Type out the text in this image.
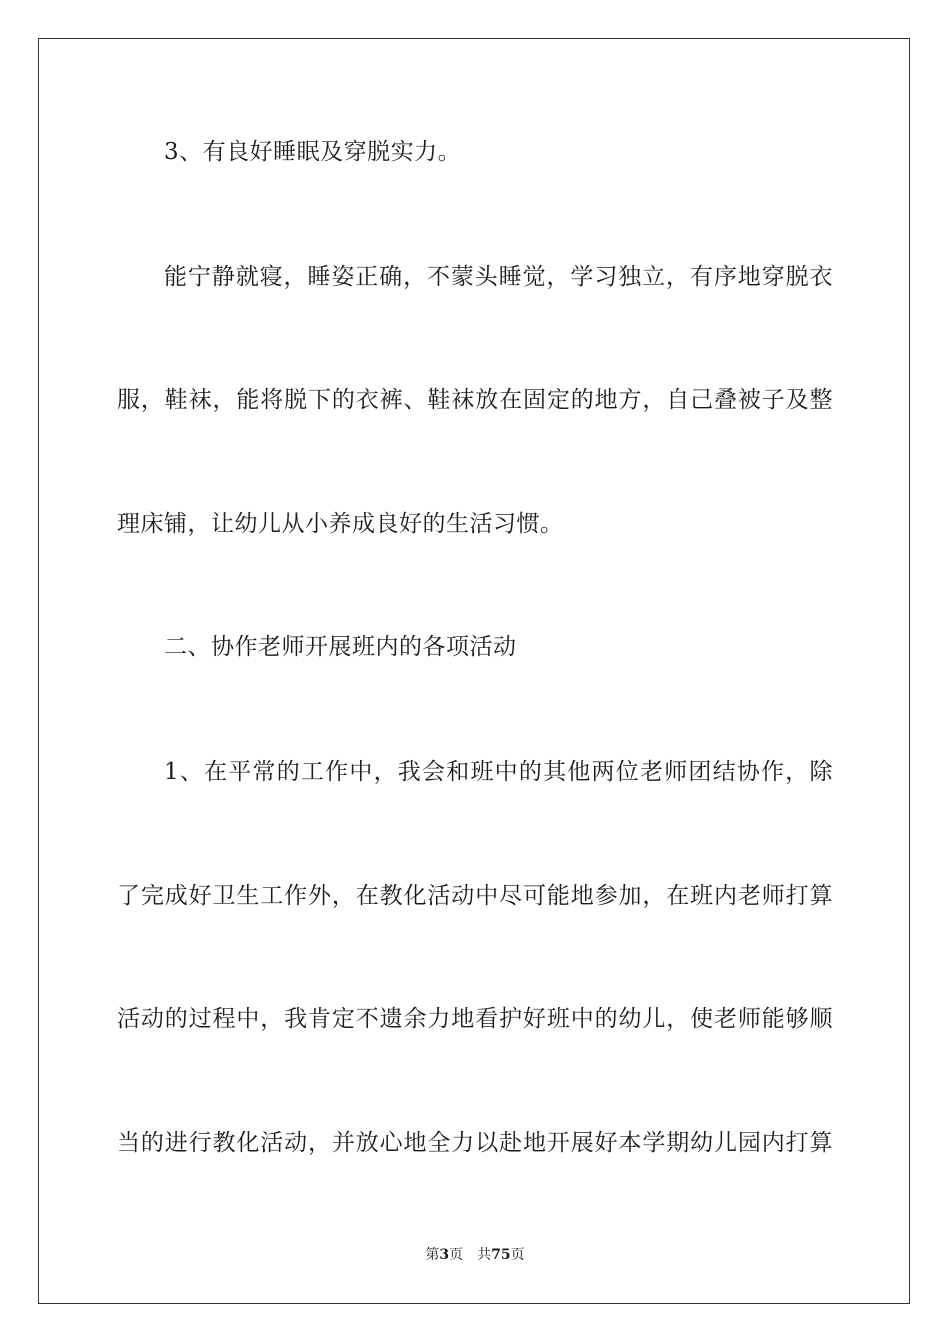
3、有良好睡眠及穿脱实力。
能宁静就寝，睡姿正确，不蒙头睡觉，学习独立，有序地穿脱衣
服，鞋袜，能将脱下的衣裤、鞋袜放在固定的地方，自己叠被子及整
理床铺，让幼儿从小养成良好的生活习惯。
二、协作老师开展班内的各项活动
1、在平常的工作中，我会和班中的其他两位老师团结协作，除
了完成好卫生工作外，在教化活动中尽可能地参加，在班内老师打算
活动的过程中，我肯定不遗余力地看护好班中的幼儿，使老师能够顺
当的进行教化活动，并放心地全力以赴地开展好本学期幼儿园内打算
第3页 共75页
